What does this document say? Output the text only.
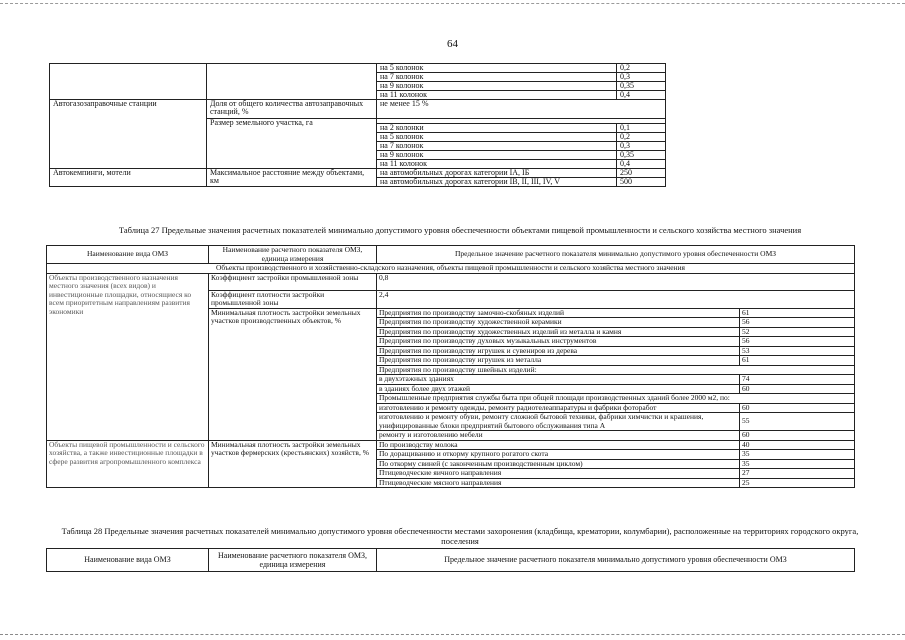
64
		на 5 колонок	0,2
		на 7 колонок	0,3
		на 9 колонок	0,35
		на 11 колонок	0,4
Автогазозаправочные станции	Доля от общего количества автозаправочных станций, %	не менее 15 %	
	Размер земельного участка, га		
		на 2 колонки	0,1
		на 5 колонок	0,2
		на 7 колонок	0,3
		на 9 колонок	0,35
		на 11 колонок	0,4
Автокемпинги, мотели	Максимальное расстояние между объектами, км	на автомобильных дорогах категории IA, IБ	250
		на автомобильных дорогах категории IВ, II, III, IV, V	500
Таблица 27 Предельные значения расчетных показателей минимально допустимого уровня обеспеченности объектами пищевой промышленности и сельского хозяйства местного значения
Наименование вида ОМЗ	Наименование расчетного показателя ОМЗ, единица измерения	Предельное значение расчетного показателя минимально допустимого уровня обеспеченности ОМЗ
Объекты производственного и хозяйственно-складского назначения, объекты пищевой промышленности и сельского хозяйства местного значения
Объекты производственного назначения местного значения (всех видов) и инвестиционные площадки, относящиеся ко всем приоритетным направлениям развития экономики	Коэффициент застройки промышленной зоны	0,8
Коэффициент плотности застройки промышленной зоны	2,4
Минимальная плотность застройки земельных участков производственных объектов, %	
Предприятия по производству замочно-скобяных изделий	61
Предприятия по производству художественной керамики	56
Предприятия по производству художественных изделий из металла и камня	52
Предприятия по производству духовых музыкальных инструментов	56
Предприятия по производству игрушек и сувениров из дерева	53
Предприятия по производству игрушек из металла	61
Предприятия по производству швейных изделий:
в двухэтажных зданиях	74
в зданиях более двух этажей	60
Промышленные предприятия службы быта при общей площади производственных зданий более 2000 м2, по:
изготовлению и ремонту одежды, ремонту радиотелеаппаратуры и фабрики фоторабот	60
изготовлению и ремонту обуви, ремонту сложной бытовой техники, фабрики химчистки и крашения, унифицированные блоки предприятий бытового обслуживания типа А	55
ремонту и изготовлению мебели	60

Объекты пищевой промышленности и сельского хозяйства, а также инвестиционные площадки в сфере развития агропромышленного комплекса	Минимальная плотность застройки земельных участков фермерских (крестьянских) хозяйств, %	
По производству молока	40
По доращиванию и откорму крупного рогатого скота	35
По откорму свиней (с законченным производственным циклом)	35
Птицеводческие яичного направления	27
Птицеводческие мясного направления	25
Таблица 28 Предельные значения расчетных показателей минимально допустимого уровня обеспеченности местами захоронения (кладбища, крематории, колумбарии), расположенные на территориях городского округа, поселения
Наименование вида ОМЗ	Наименование расчетного показателя ОМЗ, единица измерения	Предельное значение расчетного показателя минимально допустимого уровня обеспеченности ОМЗ
